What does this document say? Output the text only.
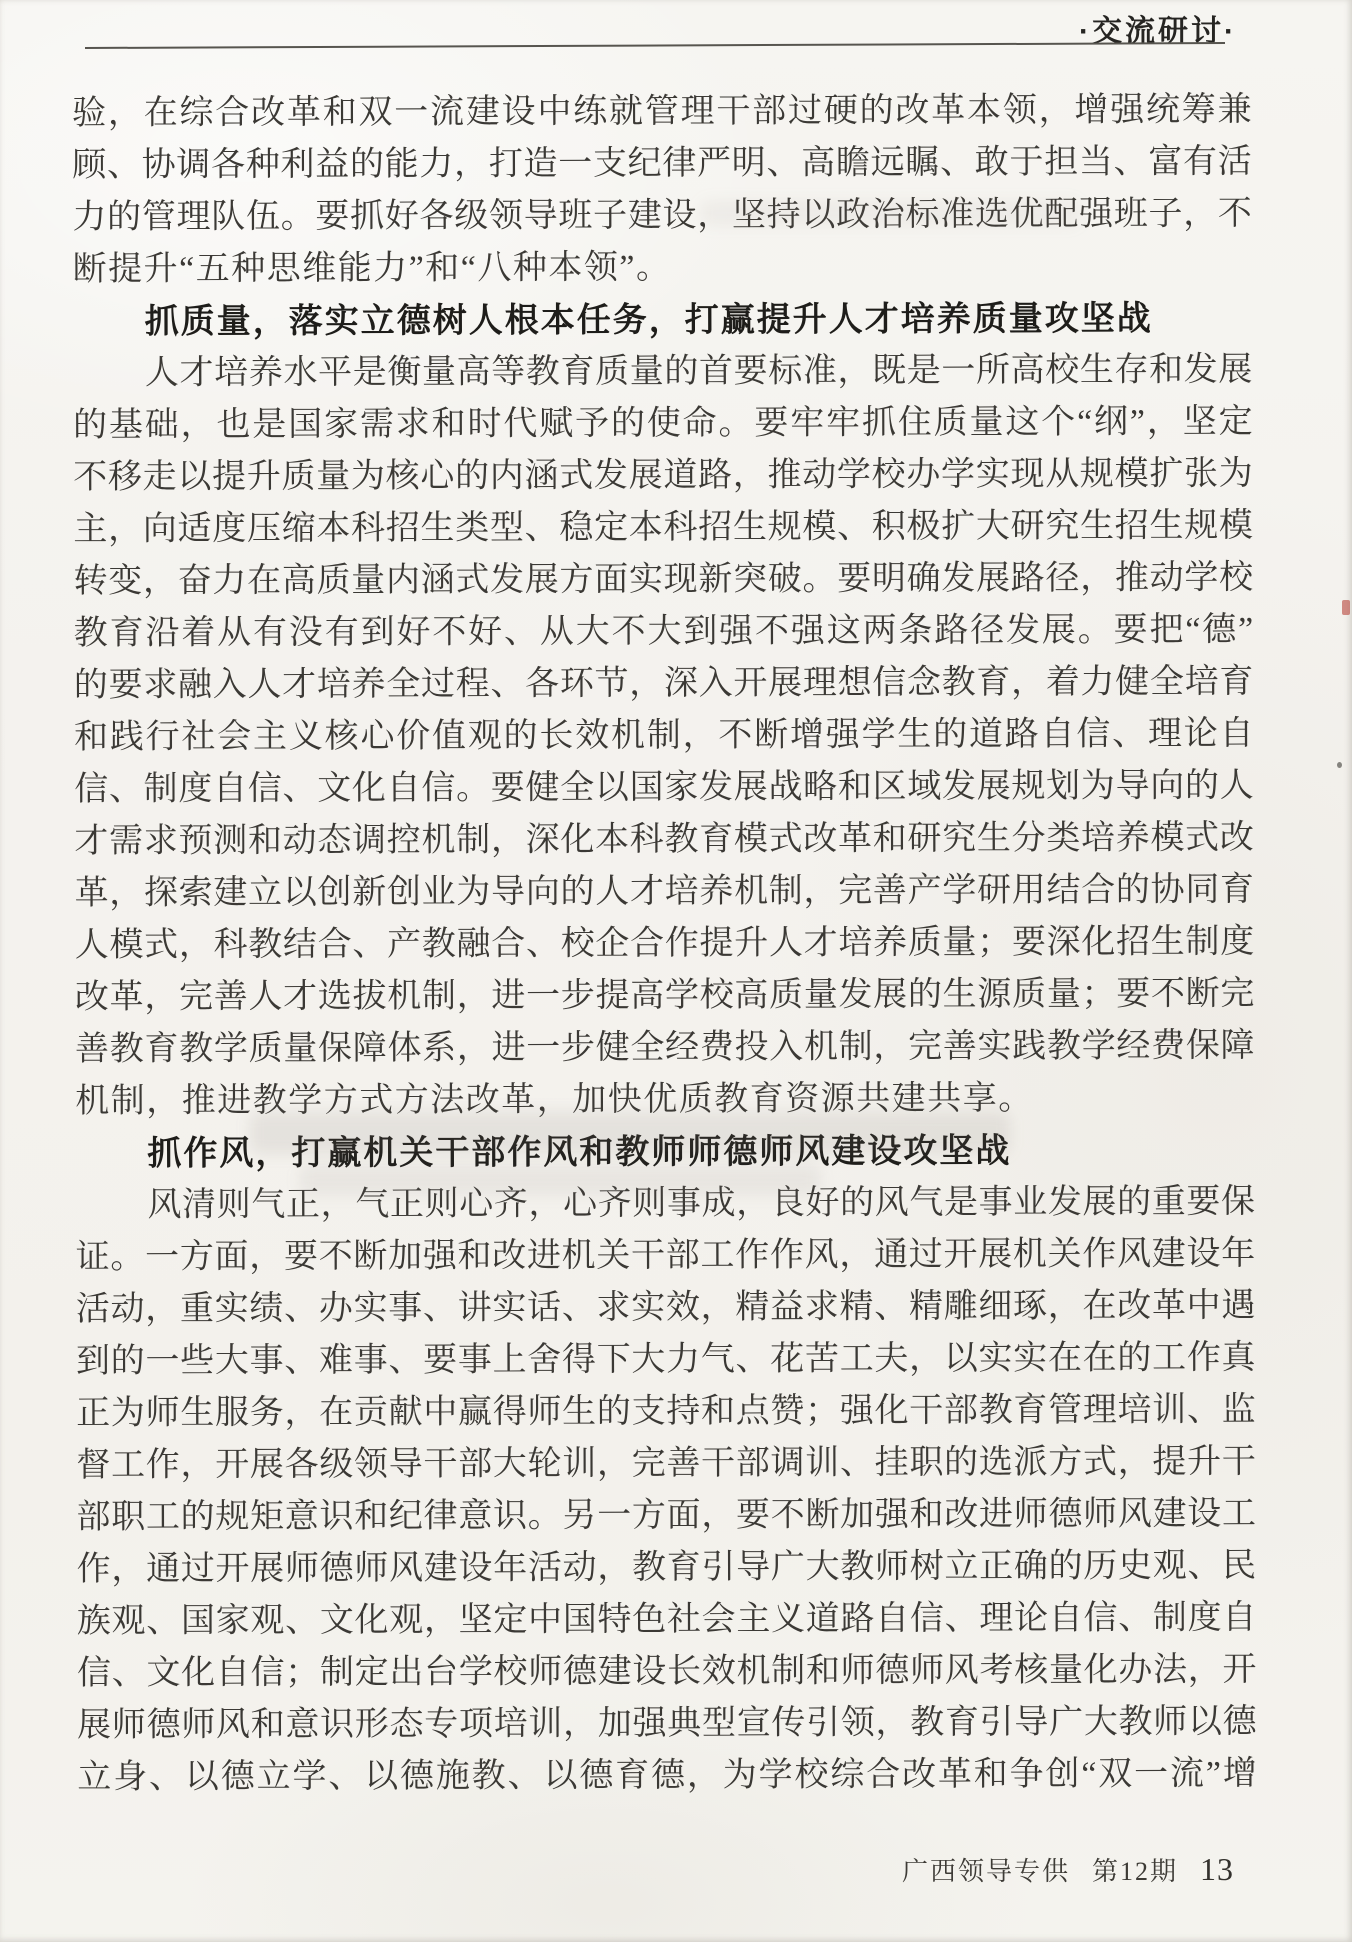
·交流研讨·
验，在综合改革和双一流建设中练就管理干部过硬的改革本领，增强统筹兼
顾、协调各种利益的能力，打造一支纪律严明、高瞻远瞩、敢于担当、富有活
力的管理队伍。要抓好各级领导班子建设，坚持以政治标准选优配强班子，不
断提升“五种思维能力”和“八种本领”。
抓质量，落实立德树人根本任务，打赢提升人才培养质量攻坚战
人才培养水平是衡量高等教育质量的首要标准，既是一所高校生存和发展
的基础，也是国家需求和时代赋予的使命。要牢牢抓住质量这个“纲”，坚定
不移走以提升质量为核心的内涵式发展道路，推动学校办学实现从规模扩张为
主，向适度压缩本科招生类型、稳定本科招生规模、积极扩大研究生招生规模
转变，奋力在高质量内涵式发展方面实现新突破。要明确发展路径，推动学校
教育沿着从有没有到好不好、从大不大到强不强这两条路径发展。要把“德”
的要求融入人才培养全过程、各环节，深入开展理想信念教育，着力健全培育
和践行社会主义核心价值观的长效机制，不断增强学生的道路自信、理论自
信、制度自信、文化自信。要健全以国家发展战略和区域发展规划为导向的人
才需求预测和动态调控机制，深化本科教育模式改革和研究生分类培养模式改
革，探索建立以创新创业为导向的人才培养机制，完善产学研用结合的协同育
人模式，科教结合、产教融合、校企合作提升人才培养质量；要深化招生制度
改革，完善人才选拔机制，进一步提高学校高质量发展的生源质量；要不断完
善教育教学质量保障体系，进一步健全经费投入机制，完善实践教学经费保障
机制，推进教学方式方法改革，加快优质教育资源共建共享。
抓作风，打赢机关干部作风和教师师德师风建设攻坚战
风清则气正，气正则心齐，心齐则事成，良好的风气是事业发展的重要保
证。一方面，要不断加强和改进机关干部工作作风，通过开展机关作风建设年
活动，重实绩、办实事、讲实话、求实效，精益求精、精雕细琢，在改革中遇
到的一些大事、难事、要事上舍得下大力气、花苦工夫，以实实在在的工作真
正为师生服务，在贡献中赢得师生的支持和点赞；强化干部教育管理培训、监
督工作，开展各级领导干部大轮训，完善干部调训、挂职的选派方式，提升干
部职工的规矩意识和纪律意识。另一方面，要不断加强和改进师德师风建设工
作，通过开展师德师风建设年活动，教育引导广大教师树立正确的历史观、民
族观、国家观、文化观，坚定中国特色社会主义道路自信、理论自信、制度自
信、文化自信；制定出台学校师德建设长效机制和师德师风考核量化办法，开
展师德师风和意识形态专项培训，加强典型宣传引领，教育引导广大教师以德
立身、以德立学、以德施教、以德育德，为学校综合改革和争创“双一流”增
广西领导专供 第12期 13
